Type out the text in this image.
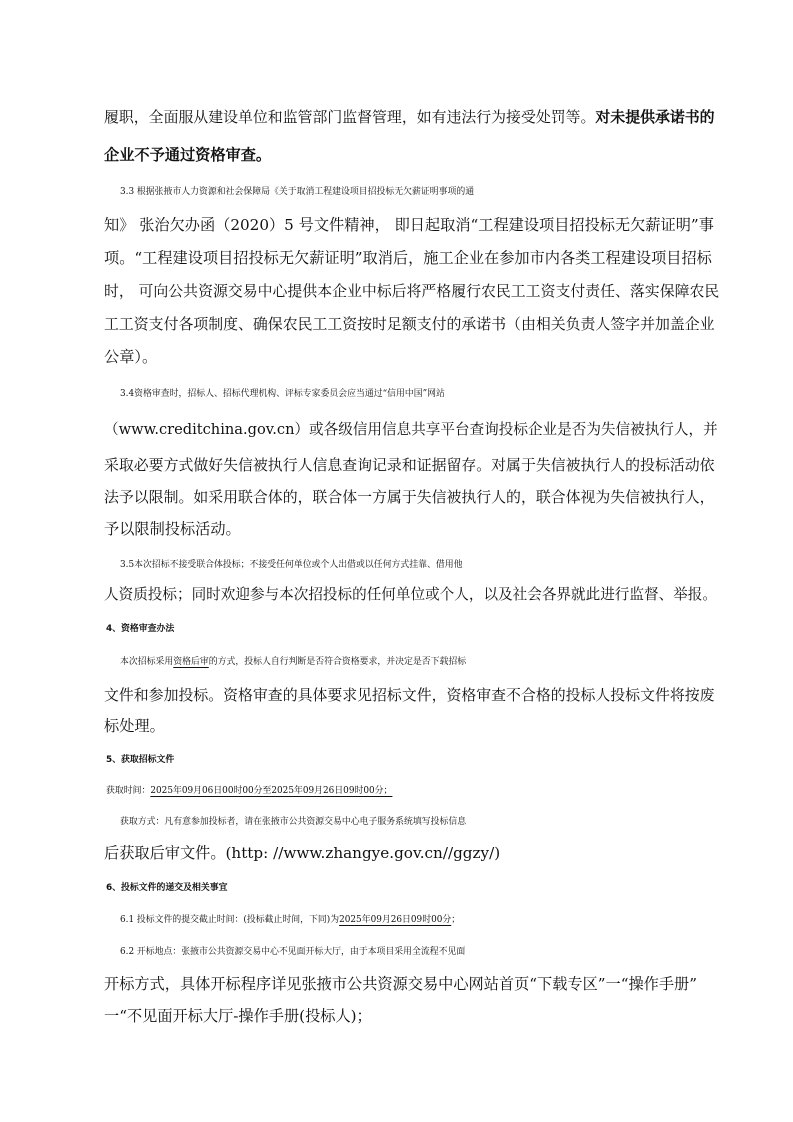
履职，全面服从建设单位和监管部门监督管理，如有违法行为接受处罚等。对未提供承诺书的
企业不予通过资格审查。
3.3 根据张掖市人力资源和社会保障局《关于取消工程建设项目招投标无欠薪证明事项的通
知》 张治欠办函（2020）5 号文件精神， 即日起取消“工程建设项目招投标无欠薪证明”事
项。“工程建设项目招投标无欠薪证明”取消后，施工企业在参加市内各类工程建设项目招标
时， 可向公共资源交易中心提供本企业中标后将严格履行农民工工资支付责任、落实保障农民
工工资支付各项制度、确保农民工工资按时足额支付的承诺书（由相关负责人签字并加盖企业
公章）。
3.4资格审查时，招标人、招标代理机构、评标专家委员会应当通过“信用中国”网站
（www.creditchina.gov.cn）或各级信用信息共享平台查询投标企业是否为失信被执行人，并
采取必要方式做好失信被执行人信息查询记录和证据留存。对属于失信被执行人的投标活动依
法予以限制。如采用联合体的，联合体一方属于失信被执行人的，联合体视为失信被执行人，
予以限制投标活动。
3.5本次招标不接受联合体投标；不接受任何单位或个人出借或以任何方式挂靠、借用他
人资质投标；同时欢迎参与本次招投标的任何单位或个人，以及社会各界就此进行监督、举报。
4、资格审查办法
本次招标采用资格后审的方式，投标人自行判断是否符合资格要求，并决定是否下载招标
文件和参加投标。资格审查的具体要求见招标文件，资格审查不合格的投标人投标文件将按废
标处理。
5、获取招标文件
获取时间：2025年09月06日00时00分至2025年09月26日09时00分；
获取方式：凡有意参加投标者，请在张掖市公共资源交易中心电子服务系统填写投标信息
后获取后审文件。(http: //www.zhangye.gov.cn//ggzy/)
6、投标文件的递交及相关事宜
6.1 投标文件的提交截止时间：(投标截止时间，下同)为2025年09月26日09时00分；
6.2 开标地点：张掖市公共资源交易中心不见面开标大厅，由于本项目采用全流程不见面
开标方式，具体开标程序详见张掖市公共资源交易中心网站首页“下载专区”一“操作手册”
一“不见面开标大厅-操作手册(投标人)；
